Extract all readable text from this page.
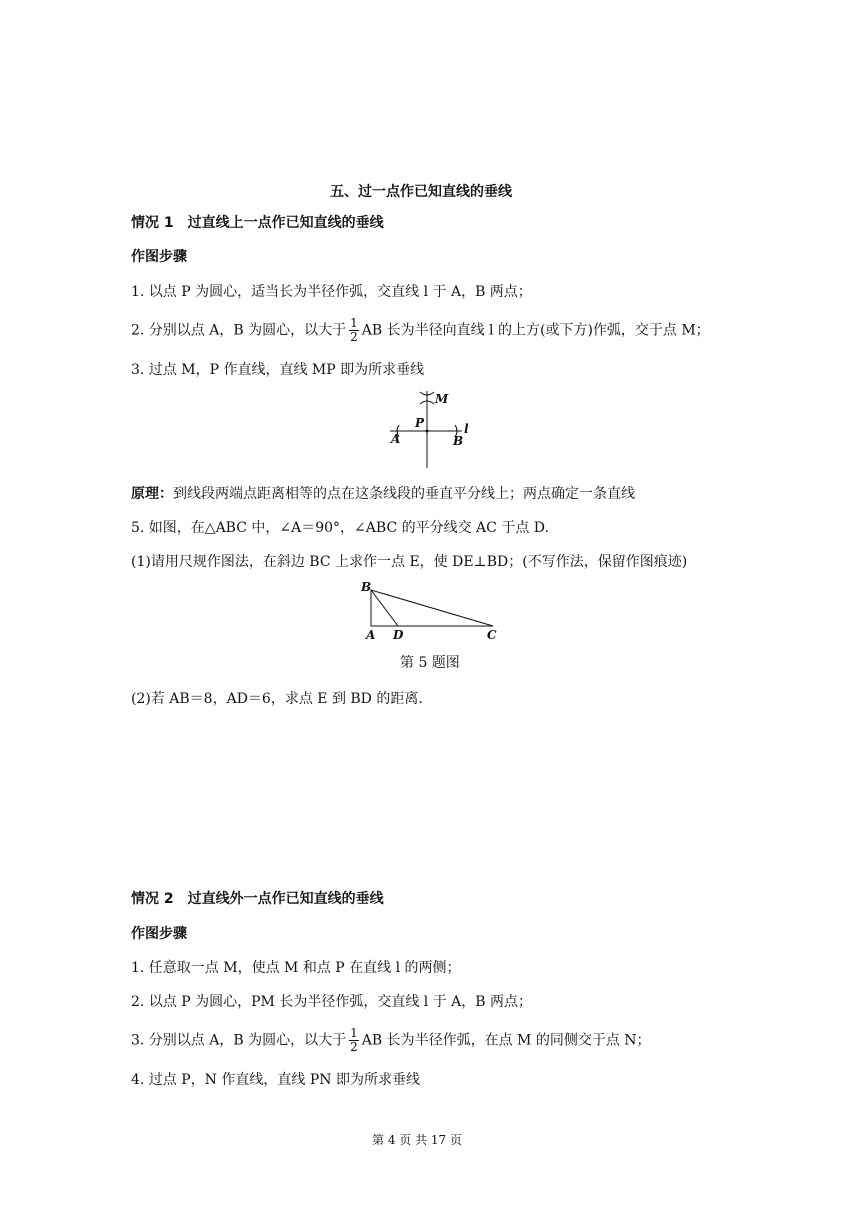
五、过一点作已知直线的垂线
情况 1　过直线上一点作已知直线的垂线
作图步骤
1. 以点 P 为圆心，适当长为半径作弧，交直线 l 于 A，B 两点；
2. 分别以点 A，B 为圆心，以大于 $\frac{1}{2}$ AB 长为半径向直线 l 的上方(或下方)作弧，交于点 M；
3. 过点 M，P 作直线，直线 MP 即为所求垂线
M
P
A	B
l
原理：到线段两端点距离相等的点在这条线段的垂直平分线上；两点确定一条直线
5. 如图，在△ABC 中，∠A＝90°，∠ABC 的平分线交 AC 于点 D.
(1)请用尺规作图法，在斜边 BC 上求作一点 E，使 DE⊥BD；(不写作法，保留作图痕迹)
B
A D	C
第 5 题图
(2)若 AB＝8，AD＝6，求点 E 到 BD 的距离.
情况 2　过直线外一点作已知直线的垂线
作图步骤
1. 任意取一点 M，使点 M 和点 P 在直线 l 的两侧；
2. 以点 P 为圆心，PM 长为半径作弧，交直线 l 于 A，B 两点；
3. 分别以点 A，B 为圆心，以大于 $\frac{1}{2}$ AB 长为半径作弧，在点 M 的同侧交于点 N；
4. 过点 P，N 作直线，直线 PN 即为所求垂线
第 4 页 共 17 页
